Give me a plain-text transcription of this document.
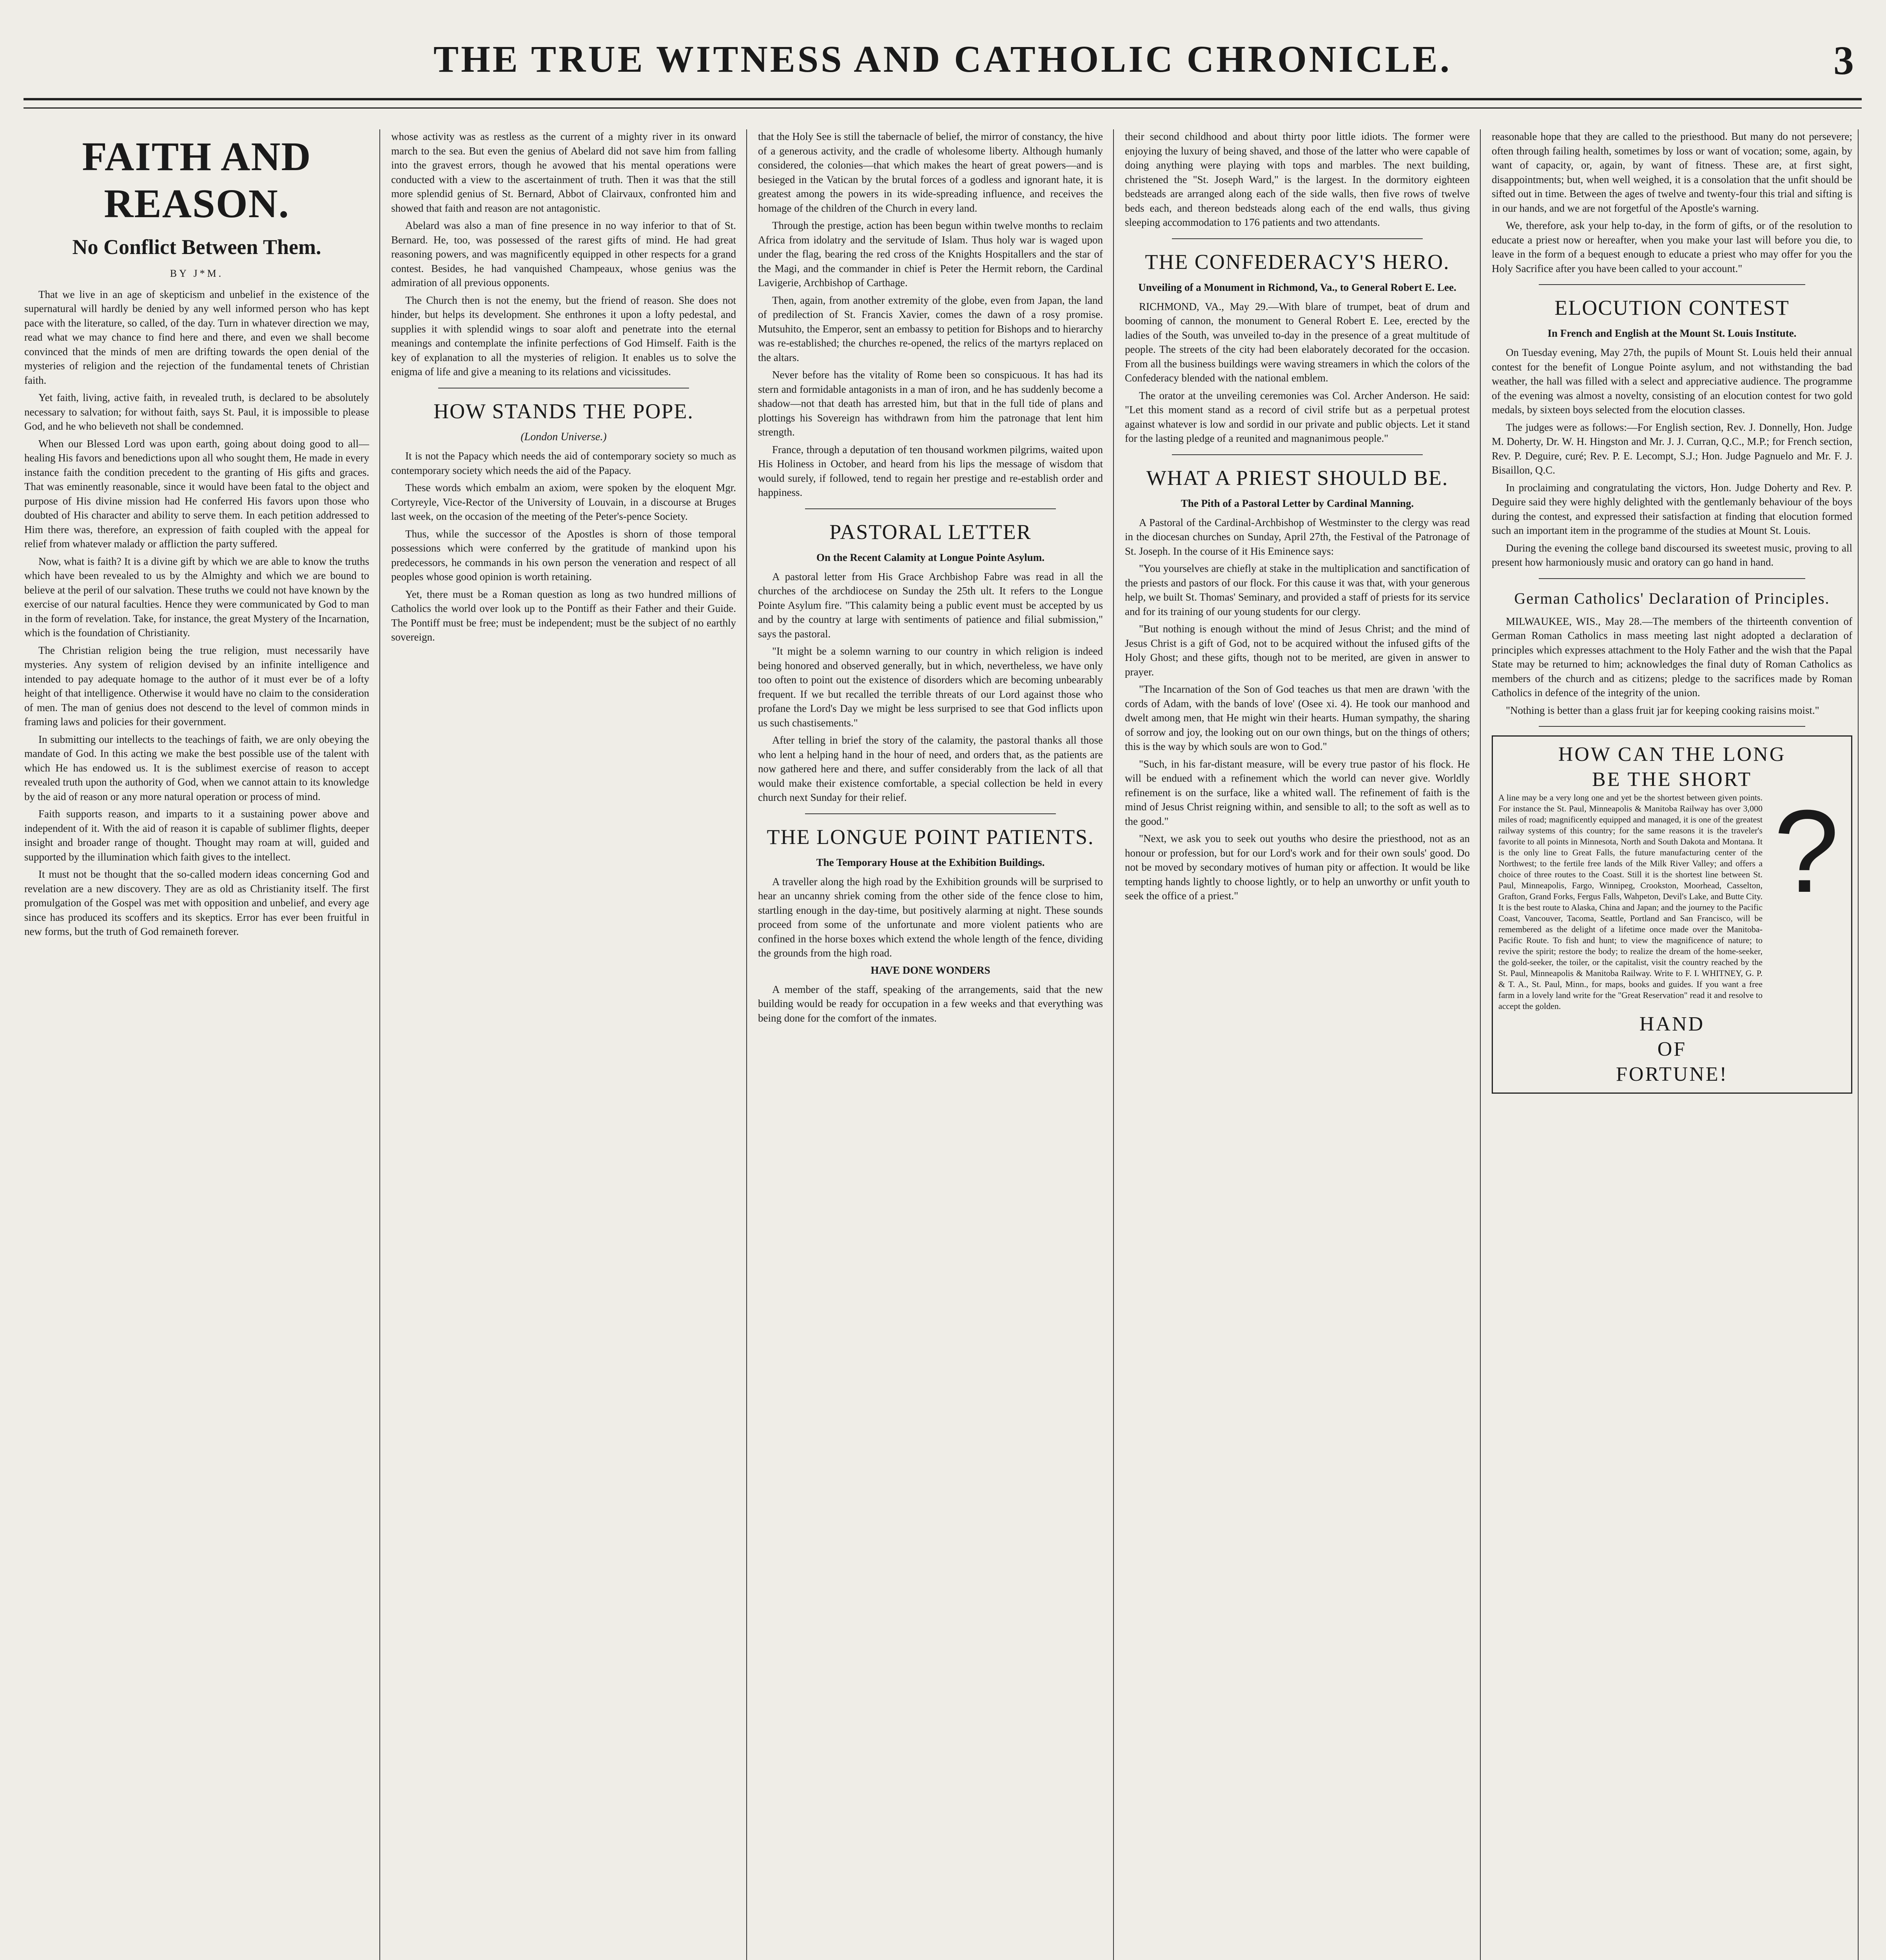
THE TRUE WITNESS AND CATHOLIC CHRONICLE.	3
FAITH AND REASON.
No Conflict Between Them.
BY J*M.

That we live in an age of skepticism and unbelief in the existence of the supernatural will hardly be denied by any well informed person who has kept pace with the literature, so called, of the day. Turn in whatever direction we may, read what we may chance to find here and there, and even we shall become convinced that the minds of men are drifting towards the open denial of the mysteries of religion and the rejection of the fundamental tenets of Christian faith.

Yet faith, living, active faith, in revealed truth, is declared to be absolutely necessary to salvation; for without faith, says St. Paul, it is impossible to please God, and he who believeth not shall be condemned.

When our Blessed Lord was upon earth, going about doing good to all—healing His favors and benedictions upon all who sought them, He made in every instance faith the condition precedent to the granting of His gifts and graces. That was eminently reasonable, since it would have been fatal to the object and purpose of His divine mission had He conferred His favors upon those who doubted of His character and ability to serve them. In each petition addressed to Him there was, therefore, an expression of faith coupled with the appeal for relief from whatever malady or affliction the party suffered.

Now, what is faith? It is a divine gift by which we are able to know the truths which have been revealed to us by the Almighty and which we are bound to believe at the peril of our salvation. These truths we could not have known by the exercise of our natural faculties. Hence they were communicated by God to man in the form of revelation. Take, for instance, the great Mystery of the Incarnation, which is the foundation of Christianity.

The Christian religion being the true religion, must necessarily have mysteries. Any system of religion devised by an infinite intelligence and intended to pay adequate homage to the author of it must ever be of a lofty height of that intelligence. Otherwise it would have no claim to the consideration of men. The man of genius does not descend to the level of common minds in framing laws and policies for their government.

In submitting our intellects to the teachings of faith, we are only obeying the mandate of God. In this acting we make the best possible use of the talent with which He has endowed us. It is the sublimest exercise of reason to accept revealed truth upon the authority of God, when we cannot attain to its knowledge by the aid of reason or any more natural operation or process of mind.

Faith supports reason, and imparts to it a sustaining power above and independent of it. With the aid of reason it is capable of sublimer flights, deeper insight and broader range of thought. Thought may roam at will, guided and supported by the illumination which faith gives to the intellect.

It must not be thought that the so-called modern ideas concerning God and revelation are a new discovery. They are as old as Christianity itself. The first promulgation of the Gospel was met with opposition and unbelief, and every age since has produced its scoffers and its skeptics. Error has ever been fruitful in new forms, but the truth of God remaineth forever.

whose activity was as restless as the current of a mighty river in its onward march to the sea. But even the genius of Abelard did not save him from falling into the gravest errors, though he avowed that his mental operations were conducted with a view to the ascertainment of truth. Then it was that the still more splendid genius of St. Bernard, Abbot of Clairvaux, confronted him and showed that faith and reason are not antagonistic.

Abelard was also a man of fine presence in no way inferior to that of St. Bernard. He, too, was possessed of the rarest gifts of mind. He had great reasoning powers, and was magnificently equipped in other respects for a grand contest. Besides, he had vanquished Champeaux, whose genius was the admiration of all previous opponents.

The Church then is not the enemy, but the friend of reason. She does not hinder, but helps its development. She enthrones it upon a lofty pedestal, and supplies it with splendid wings to soar aloft and penetrate into the eternal meanings and contemplate the infinite perfections of God Himself. Faith is the key of explanation to all the mysteries of religion. It enables us to solve the enigma of life and give a meaning to its relations and vicissitudes.

HOW STANDS THE POPE.
(London Universe.)

It is not the Papacy which needs the aid of contemporary society so much as contemporary society which needs the aid of the Papacy.

These words which embalm an axiom, were spoken by the eloquent Mgr. Cortyreyle, Vice-Rector of the University of Louvain, in a discourse at Bruges last week, on the occasion of the meeting of the Peter's-pence Society.

Thus, while the successor of the Apostles is shorn of those temporal possessions which were conferred by the gratitude of mankind upon his predecessors, he commands in his own person the veneration and respect of all peoples whose good opinion is worth retaining.

Yet, there must be a Roman question as long as two hundred millions of Catholics the world over look up to the Pontiff as their Father and their Guide. The Pontiff must be free; must be independent; must be the subject of no earthly sovereign.

that the Holy See is still the tabernacle of belief, the mirror of constancy, the hive of a generous activity, and the cradle of wholesome liberty. Although humanly considered, the colonies—that which makes the heart of great powers—and is besieged in the Vatican by the brutal forces of a godless and ignorant hate, it is greatest among the powers in its wide-spreading influence, and receives the homage of the children of the Church in every land.

Through the prestige, action has been begun within twelve months to reclaim Africa from idolatry and the servitude of Islam. Thus holy war is waged upon under the flag, bearing the red cross of the Knights Hospitallers and the star of the Magi, and the commander in chief is Peter the Hermit reborn, the Cardinal Lavigerie, Archbishop of Carthage.

Then, again, from another extremity of the globe, even from Japan, the land of predilection of St. Francis Xavier, comes the dawn of a rosy promise. Mutsuhito, the Emperor, sent an embassy to petition for Bishops and to hierarchy was re-established; the churches re-opened, the relics of the martyrs replaced on the altars.

Never before has the vitality of Rome been so conspicuous. It has had its stern and formidable antagonists in a man of iron, and he has suddenly become a shadow—not that death has arrested him, but that in the full tide of plans and plottings his Sovereign has withdrawn from him the patronage that lent him strength.

France, through a deputation of ten thousand workmen pilgrims, waited upon His Holiness in October, and heard from his lips the message of wisdom that would surely, if followed, tend to regain her prestige and re-establish order and happiness.

PASTORAL LETTER
On the Recent Calamity at Longue Pointe Asylum.

A pastoral letter from His Grace Archbishop Fabre was read in all the churches of the archdiocese on Sunday the 25th ult. It refers to the Longue Pointe Asylum fire. "This calamity being a public event must be accepted by us and by the country at large with sentiments of patience and filial submission," says the pastoral.

"It might be a solemn warning to our country in which religion is indeed being honored and observed generally, but in which, nevertheless, we have only too often to point out the existence of disorders which are becoming unbearably frequent. If we but recalled the terrible threats of our Lord against those who profane the Lord's Day we might be less surprised to see that God inflicts upon us such chastisements."

After telling in brief the story of the calamity, the pastoral thanks all those who lent a helping hand in the hour of need, and orders that, as the patients are now gathered here and there, and suffer considerably from the lack of all that would make their existence comfortable, a special collection be held in every church next Sunday for their relief.

THE LONGUE POINT PATIENTS.
The Temporary House at the Exhibition Buildings.

A traveller along the high road by the Exhibition grounds will be surprised to hear an uncanny shriek coming from the other side of the fence close to him, startling enough in the day-time, but positively alarming at night. These sounds proceed from some of the unfortunate and more violent patients who are confined in the horse boxes which extend the whole length of the fence, dividing the grounds from the high road.

HAVE DONE WONDERS

A member of the staff, speaking of the arrangements, said that the new building would be ready for occupation in a few weeks and that everything was being done for the comfort of the inmates.

their second childhood and about thirty poor little idiots. The former were enjoying the luxury of being shaved, and those of the latter who were capable of doing anything were playing with tops and marbles. The next building, christened the "St. Joseph Ward," is the largest. In the dormitory eighteen bedsteads are arranged along each of the side walls, then five rows of twelve beds each, and thereon bedsteads along each of the end walls, thus giving sleeping accommodation to 176 patients and two attendants.

THE CONFEDERACY'S HERO.
Unveiling of a Monument in Richmond, Va., to General Robert E. Lee.

RICHMOND, VA., May 29.—With blare of trumpet, beat of drum and booming of cannon, the monument to General Robert E. Lee, erected by the ladies of the South, was unveiled to-day in the presence of a great multitude of people. The streets of the city had been elaborately decorated for the occasion. From all the business buildings were waving streamers in which the colors of the Confederacy blended with the national emblem.

The orator at the unveiling ceremonies was Col. Archer Anderson. He said: "Let this moment stand as a record of civil strife but as a perpetual protest against whatever is low and sordid in our private and public objects. Let it stand for the lasting pledge of a reunited and magnanimous people."

WHAT A PRIEST SHOULD BE.
The Pith of a Pastoral Letter by Cardinal Manning.

A Pastoral of the Cardinal-Archbishop of Westminster to the clergy was read in the diocesan churches on Sunday, April 27th, the Festival of the Patronage of St. Joseph. In the course of it His Eminence says:

"You yourselves are chiefly at stake in the multiplication and sanctification of the priests and pastors of our flock. For this cause it was that, with your generous help, we built St. Thomas' Seminary, and provided a staff of priests for its service and for its training of our young students for our clergy.

"But nothing is enough without the mind of Jesus Christ; and the mind of Jesus Christ is a gift of God, not to be acquired without the infused gifts of the Holy Ghost; and these gifts, though not to be merited, are given in answer to prayer.

"The Incarnation of the Son of God teaches us that men are drawn 'with the cords of Adam, with the bands of love' (Osee xi. 4). He took our manhood and dwelt among men, that He might win their hearts. Human sympathy, the sharing of sorrow and joy, the looking out on our own things, but on the things of others; this is the way by which souls are won to God."

"Such, in his far-distant measure, will be every true pastor of his flock. He will be endued with a refinement which the world can never give. Worldly refinement is on the surface, like a whited wall. The refinement of faith is the mind of Jesus Christ reigning within, and sensible to all; to the soft as well as to the good."

"Next, we ask you to seek out youths who desire the priesthood, not as an honour or profession, but for our Lord's work and for their own souls' good. Do not be moved by secondary motives of human pity or affection. It would be like tempting hands lightly to choose lightly, or to help an unworthy or unfit youth to seek the office of a priest."

reasonable hope that they are called to the priesthood. But many do not persevere; often through failing health, sometimes by loss or want of vocation; some, again, by want of capacity, or, again, by want of fitness. These are, at first sight, disappointments; but, when well weighed, it is a consolation that the unfit should be sifted out in time. Between the ages of twelve and twenty-four this trial and sifting is in our hands, and we are not forgetful of the Apostle's warning.

We, therefore, ask your help to-day, in the form of gifts, or of the resolution to educate a priest now or hereafter, when you make your last will before you die, to leave in the form of a bequest enough to educate a priest who may offer for you the Holy Sacrifice after you have been called to your account."

ELOCUTION CONTEST
In French and English at the Mount St. Louis Institute.

On Tuesday evening, May 27th, the pupils of Mount St. Louis held their annual contest for the benefit of Longue Pointe asylum, and not withstanding the bad weather, the hall was filled with a select and appreciative audience. The programme of the evening was almost a novelty, consisting of an elocution contest for two gold medals, by sixteen boys selected from the elocution classes.

The judges were as follows:—For English section, Rev. J. Donnelly, Hon. Judge M. Doherty, Dr. W. H. Hingston and Mr. J. J. Curran, Q.C., M.P.; for French section, Rev. P. Deguire, curé; Rev. P. E. Lecompt, S.J.; Hon. Judge Pagnuelo and Mr. F. J. Bisaillon, Q.C.

In proclaiming and congratulating the victors, Hon. Judge Doherty and Rev. P. Deguire said they were highly delighted with the gentlemanly behaviour of the boys during the contest, and expressed their satisfaction at finding that elocution formed such an important item in the programme of the studies at Mount St. Louis.

During the evening the college band discoursed its sweetest music, proving to all present how harmoniously music and oratory can go hand in hand.

German Catholics' Declaration of Principles.

MILWAUKEE, WIS., May 28.—The members of the thirteenth convention of German Roman Catholics in mass meeting last night adopted a declaration of principles which expresses attachment to the Holy Father and the wish that the Papal State may be returned to him; acknowledges the final duty of Roman Catholics as members of the church and as citizens; pledge to the sacrifices made by Roman Catholics in defence of the integrity of the union.

"Nothing is better than a glass fruit jar for keeping cooking raisins moist."

HOW CAN THE LONG
BE THE SHORT
A line may be a very long one and yet be the shortest between given points. For instance the St. Paul, Minneapolis & Manitoba Railway has over 3,000 miles of road; magnificently equipped and managed, it is one of the greatest railway systems of this country; for the same reasons it is the traveler's favorite to all points in Minnesota, North and South Dakota and Montana. It is the only line to Great Falls, the future manufacturing center of the Northwest; to the fertile free lands of the Milk River Valley; and offers a choice of three routes to the Coast. Still it is the shortest line between St. Paul, Minneapolis, Fargo, Winnipeg, Crookston, Moorhead, Casselton, Grafton, Grand Forks, Fergus Falls, Wahpeton, Devil's Lake, and Butte City. It is the best route to Alaska, China and Japan; and the journey to the Pacific Coast, Vancouver, Tacoma, Seattle, Portland and San Francisco, will be remembered as the delight of a lifetime once made over the Manitoba-Pacific Route. To fish and hunt; to view the magnificence of nature; to revive the spirit; restore the body; to realize the dream of the home-seeker, the gold-seeker, the toiler, or the capitalist, visit the country reached by the St. Paul, Minneapolis & Manitoba Railway. Write to F. I. WHITNEY, G. P. & T. A., St. Paul, Minn., for maps, books and guides. If you want a free farm in a lovely land write for the "Great Reservation" read it and resolve to accept the golden.
?
HAND
OF
FORTUNE!
